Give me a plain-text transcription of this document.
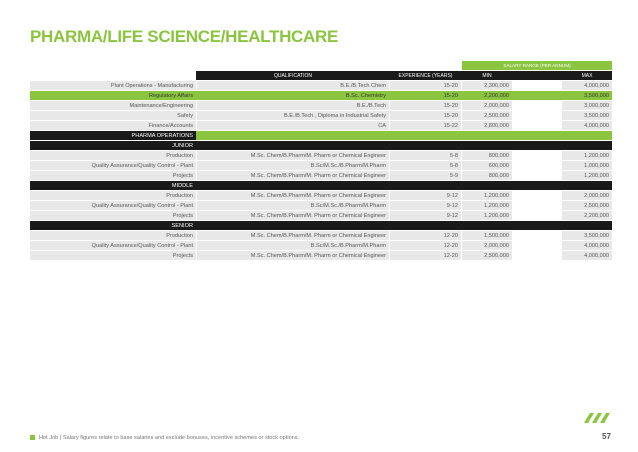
PHARMA/LIFE SCIENCE/HEALTHCARE
						SALARY RANGE (PER ANNUM)		
		QUALIFICATION		EXPERIENCE (YEARS)		MIN		MAX
Plant Operations - Manufacturing		B.E./B.Tech Chem		15-20		2,300,000		4,000,000
Regulatory Affairs		B.Sc. Chemistry		15-20		2,200,000		3,500,000
Maintenance/Engineering		B.E./B.Tech		15-20		2,000,000		3,000,000
Safety		B.E./B.Tech , Diploma in Industrial Safety		15-20		2,500,000		3,500,000
Finance/Accounts		CA		15-22		2,800,000		4,000,000
PHARMA OPERATIONS								
JUNIOR								
Production		M.Sc. Chem/B.Pharm/M. Pharm or Chemical Engineer		5-8		800,000		1,200,000
Quality Assurance/Quality Control - Plant		B.Sc/M.Sc./B.Pharm/M.Pharm		5-8		600,000		1,000,000
Projects		M.Sc. Chem/B.Pharm/M. Pharm or Chemical Engineer		5-9		800,000		1,200,000
MIDDLE								
Production		M.Sc. Chem/B.Pharm/M. Pharm or Chemical Engineer		9-12		1,200,000		2,000,000
Quality Assurance/Quality Control - Plant		B.Sc/M.Sc./B.Pharm/M.Pharm		9-12		1,200,000		2,500,000
Projects		M.Sc. Chem/B.Pharm/M. Pharm or Chemical Engineer		9-12		1,200,000		2,200,000
SENIOR								
Production		M.Sc. Chem/B.Pharm/M. Pharm or Chemical Engineer		12-20		1,500,000		3,500,000
Quality Assurance/Quality Control - Plant		B.Sc/M.Sc./B.Pharm/M.Pharm		12-20		2,000,000		4,000,000
Projects		M.Sc. Chem/B.Pharm/M. Pharm or Chemical Engineer		12-20		2,500,000		4,000,000
Hot Job | Salary figures relate to base salaries and exclude bonuses, incentive schemes or stock options.	57
